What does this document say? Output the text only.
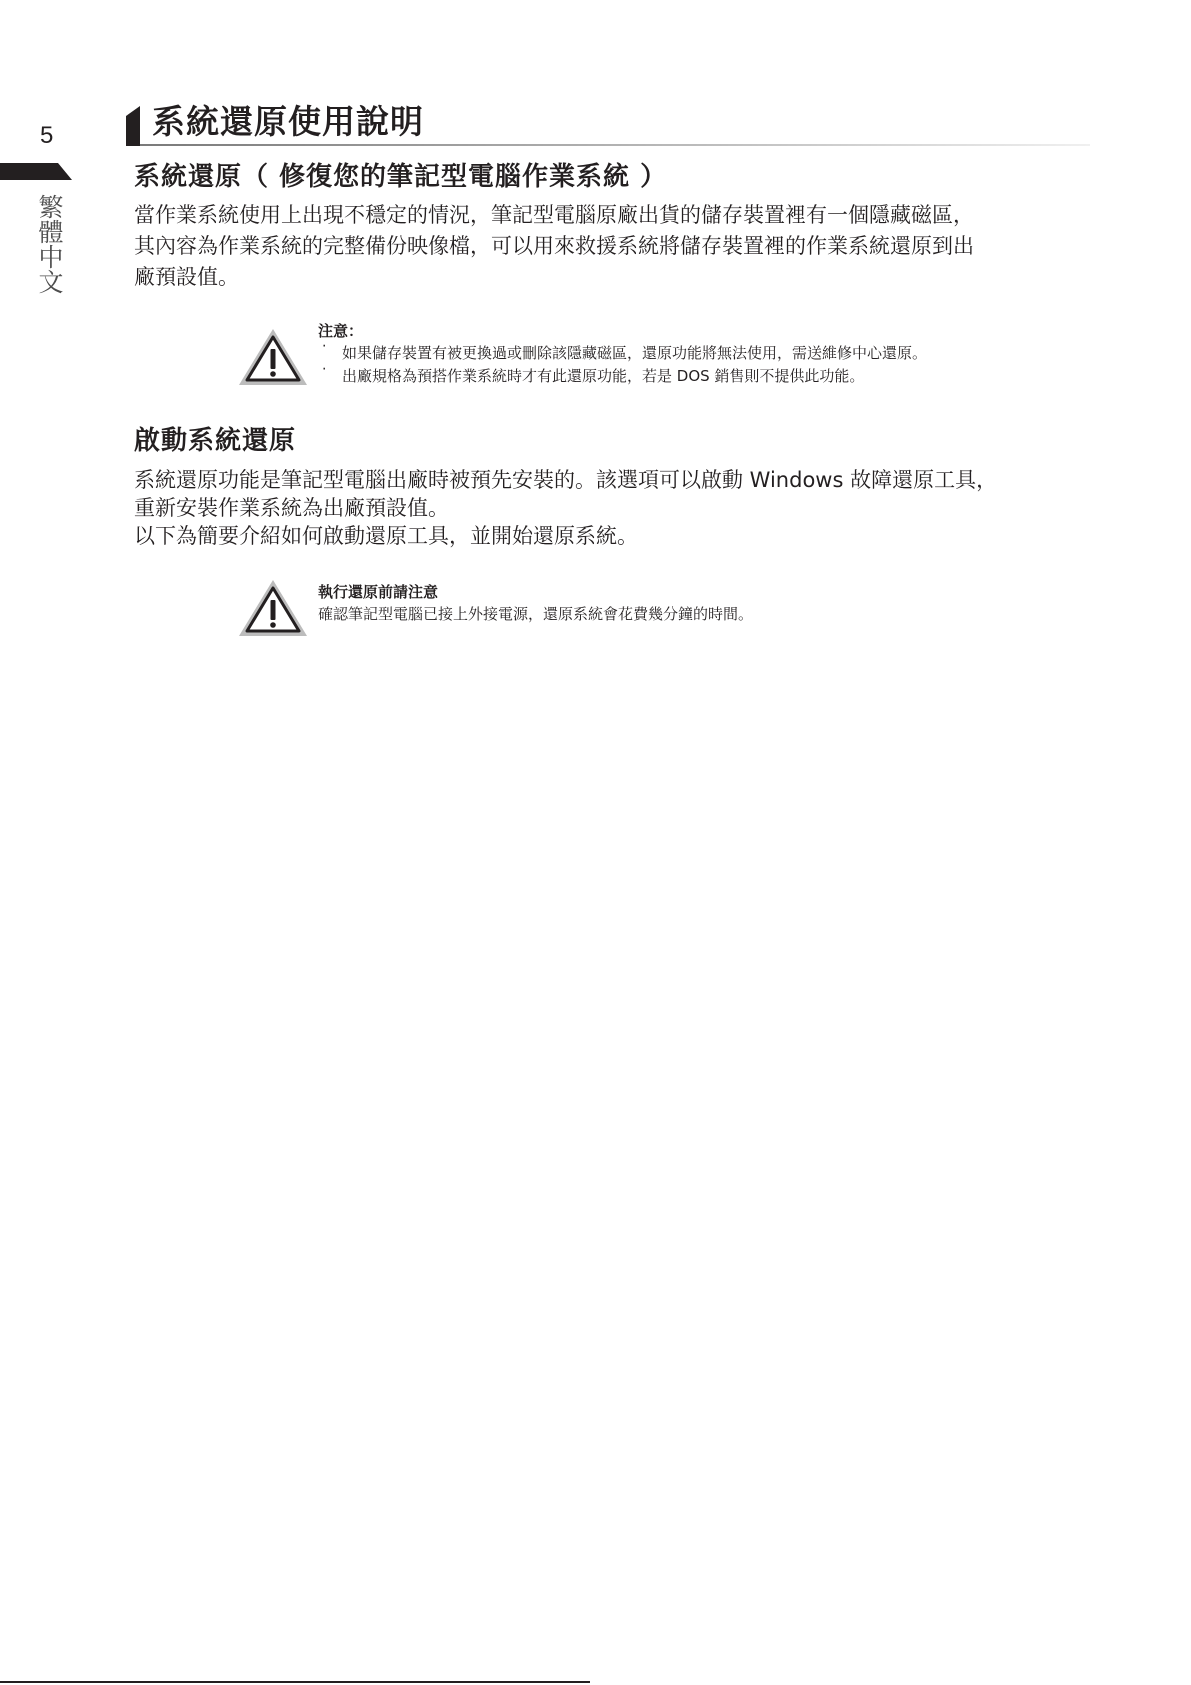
5
繁體中文
系統還原使用說明
系統還原（ 修復您的筆記型電腦作業系統 ）

當作業系統使用上出現不穩定的情況，筆記型電腦原廠出貨的儲存裝置裡有一個隱藏磁區，

其內容為作業系統的完整備份映像檔，可以用來救援系統將儲存裝置裡的作業系統還原到出

廠預設值。

注意：
‧ 如果儲存裝置有被更換過或刪除該隱藏磁區，還原功能將無法使用，需送維修中心還原。
‧ 出廠規格為預搭作業系統時才有此還原功能，若是 DOS 銷售則不提供此功能。
啟動系統還原

系統還原功能是筆記型電腦出廠時被預先安裝的。該選項可以啟動 Windows 故障還原工具，

重新安裝作業系統為出廠預設值。

以下為簡要介紹如何啟動還原工具，並開始還原系統。

執行還原前請注意
確認筆記型電腦已接上外接電源，還原系統會花費幾分鐘的時間。
